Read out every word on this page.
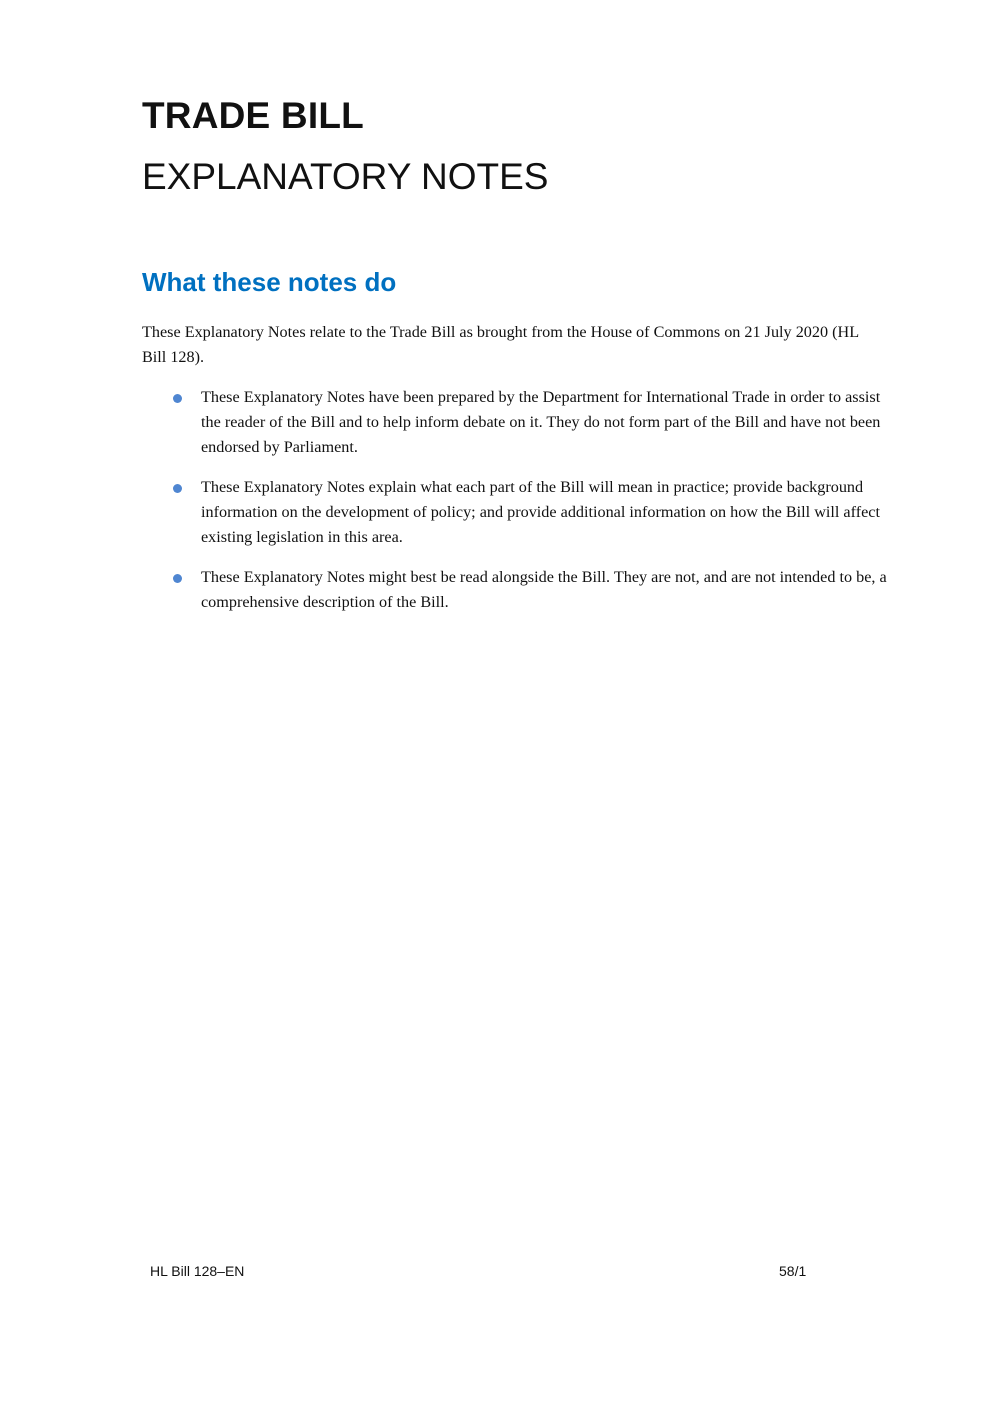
TRADE BILL
EXPLANATORY NOTES
What these notes do

These Explanatory Notes relate to the Trade Bill as brought from the House of Commons on 21 July 2020 (HL Bill 128).

These Explanatory Notes have been prepared by the Department for International Trade in order to assist the reader of the Bill and to help inform debate on it. They do not form part of the Bill and have not been endorsed by Parliament.
These Explanatory Notes explain what each part of the Bill will mean in practice; provide background information on the development of policy; and provide additional information on how the Bill will affect existing legislation in this area.
These Explanatory Notes might best be read alongside the Bill. They are not, and are not intended to be, a comprehensive description of the Bill.
HL Bill 128–EN	58/1
